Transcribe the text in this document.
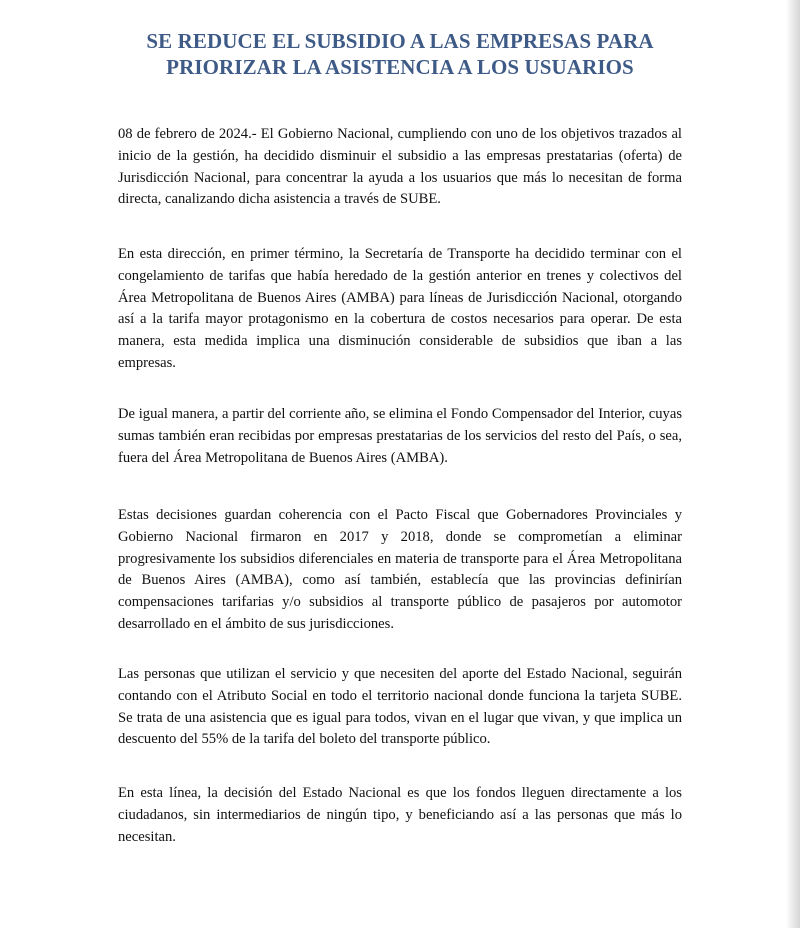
SE REDUCE EL SUBSIDIO A LAS EMPRESAS PARA
PRIORIZAR LA ASISTENCIA A LOS USUARIOS

08 de febrero de 2024.- El Gobierno Nacional, cumpliendo con uno de los objetivos trazados al inicio de la gestión, ha decidido disminuir el subsidio a las empresas prestatarias (oferta) de Jurisdicción Nacional, para concentrar la ayuda a los usuarios que más lo necesitan de forma directa, canalizando dicha asistencia a través de SUBE.

En esta dirección, en primer término, la Secretaría de Transporte ha decidido terminar con el congelamiento de tarifas que había heredado de la gestión anterior en trenes y colectivos del Área Metropolitana de Buenos Aires (AMBA) para líneas de Jurisdicción Nacional, otorgando así a la tarifa mayor protagonismo en la cobertura de costos necesarios para operar. De esta manera, esta medida implica una disminución considerable de subsidios que iban a las empresas.

De igual manera, a partir del corriente año, se elimina el Fondo Compensador del Interior, cuyas sumas también eran recibidas por empresas prestatarias de los servicios del resto del País, o sea, fuera del Área Metropolitana de Buenos Aires (AMBA).

Estas decisiones guardan coherencia con el Pacto Fiscal que Gobernadores Provinciales y Gobierno Nacional firmaron en 2017 y 2018, donde se comprometían a eliminar progresivamente los subsidios diferenciales en materia de transporte para el Área Metropolitana de Buenos Aires (AMBA), como así también, establecía que las provincias definirían compensaciones tarifarias y/o subsidios al transporte público de pasajeros por automotor desarrollado en el ámbito de sus jurisdicciones.

Las personas que utilizan el servicio y que necesiten del aporte del Estado Nacional, seguirán contando con el Atributo Social en todo el territorio nacional donde funciona la tarjeta SUBE. Se trata de una asistencia que es igual para todos, vivan en el lugar que vivan, y que implica un descuento del 55% de la tarifa del boleto del transporte público.

En esta línea, la decisión del Estado Nacional es que los fondos lleguen directamente a los ciudadanos, sin intermediarios de ningún tipo, y beneficiando así a las personas que más lo necesitan.
